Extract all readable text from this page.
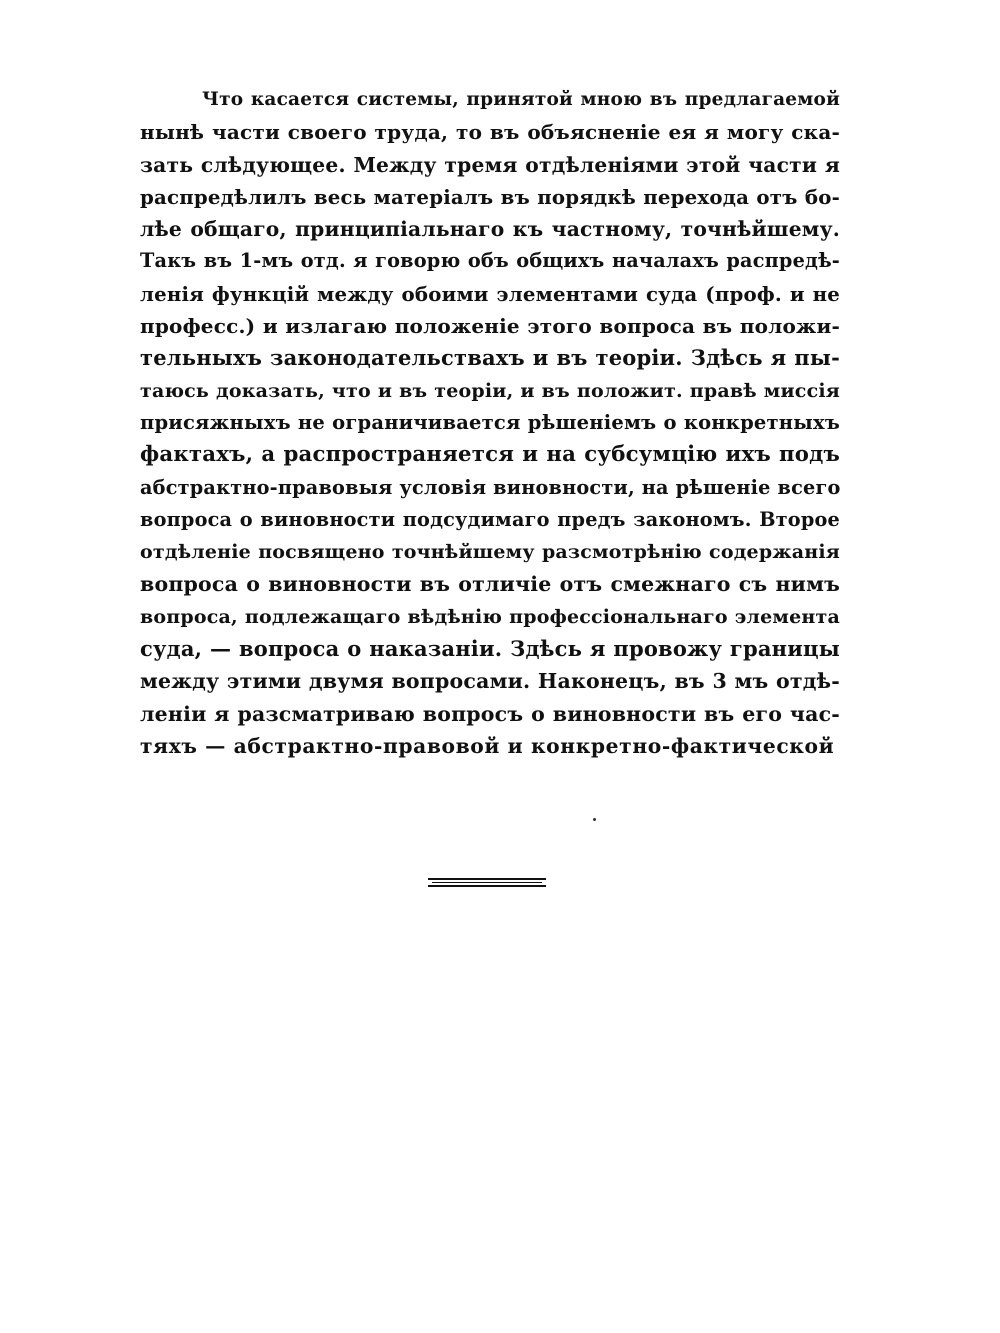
Что касается системы, принятой мною въ предлагаемой
нынѣ части своего труда, то въ объясненіе ея я могу ска-
зать слѣдующее. Между тремя отдѣленіями этой части я
распредѣлилъ весь матеріалъ въ порядкѣ перехода отъ бо-
лѣе общаго, принципіальнаго къ частному, точнѣйшему.
Такъ въ 1-мъ отд. я говорю объ общихъ началахъ распредѣ-
ленія функцій между обоими элементами суда (проф. и не
професс.) и излагаю положеніе этого вопроса въ положи-
тельныхъ законодательствахъ и въ теоріи. Здѣсь я пы-
таюсь доказать, что и въ теоріи, и въ положит. правѣ миссія
присяжныхъ не ограничивается рѣшеніемъ о конкретныхъ
фактахъ, а распространяется и на субсумцію ихъ подъ
абстрактно-правовыя условія виновности, на рѣшеніе всего
вопроса о виновности подсудимаго предъ закономъ. Второе
отдѣленіе посвящено точнѣйшему разсмотрѣнію содержанія
вопроса о виновности въ отличіе отъ смежнаго съ нимъ
вопроса, подлежащаго вѣдѣнію профессіональнаго элемента
суда, — вопроса о наказаніи. Здѣсь я провожу границы
между этими двумя вопросами. Наконецъ, въ 3 мъ отдѣ-
леніи я разсматриваю вопросъ о виновности въ его час-
тяхъ — абстрактно-правовой и конкретно-фактической
